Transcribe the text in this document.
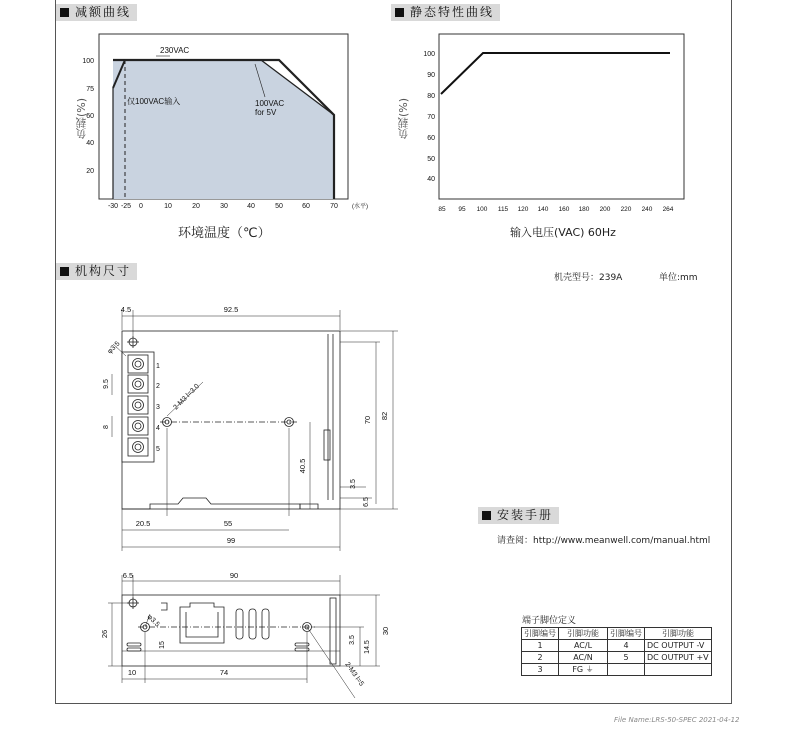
减额曲线	静态特性曲线
机构尺寸
安装手册
负载(%)
环境温度（℃）
负载(%)
输入电压(VAC) 60Hz
机壳型号：239A	单位:mm
请查阅：http://www.meanwell.com/manual.html
端子脚位定义
File Name:LRS-50-SPEC 2021-04-12
引脚编号	引脚功能	引脚编号	引脚功能
1	AC/L	4	DC OUTPUT -V
2	AC/N	5	DC OUTPUT +V
3	FG ⏚		
230VAC
仅100VAC输入	100VAC
for 5V
100
75
60
40
20
-30 -25 0	10	20	30	40	50	60	70 (水平)
100
90
80
70
60
50
40
85 95 100 115 120 140 160 180 200 220 240 264
4.5	92.5
φ3.5
9.5
8
1
2
3
4
5
2-M3 l=3.0
70 82
40.5
3.5
6.5
20.5	55
99
6.5	90
26
φ3.5
15
3.5
14.5
30
10	74	2-M3 l=5
